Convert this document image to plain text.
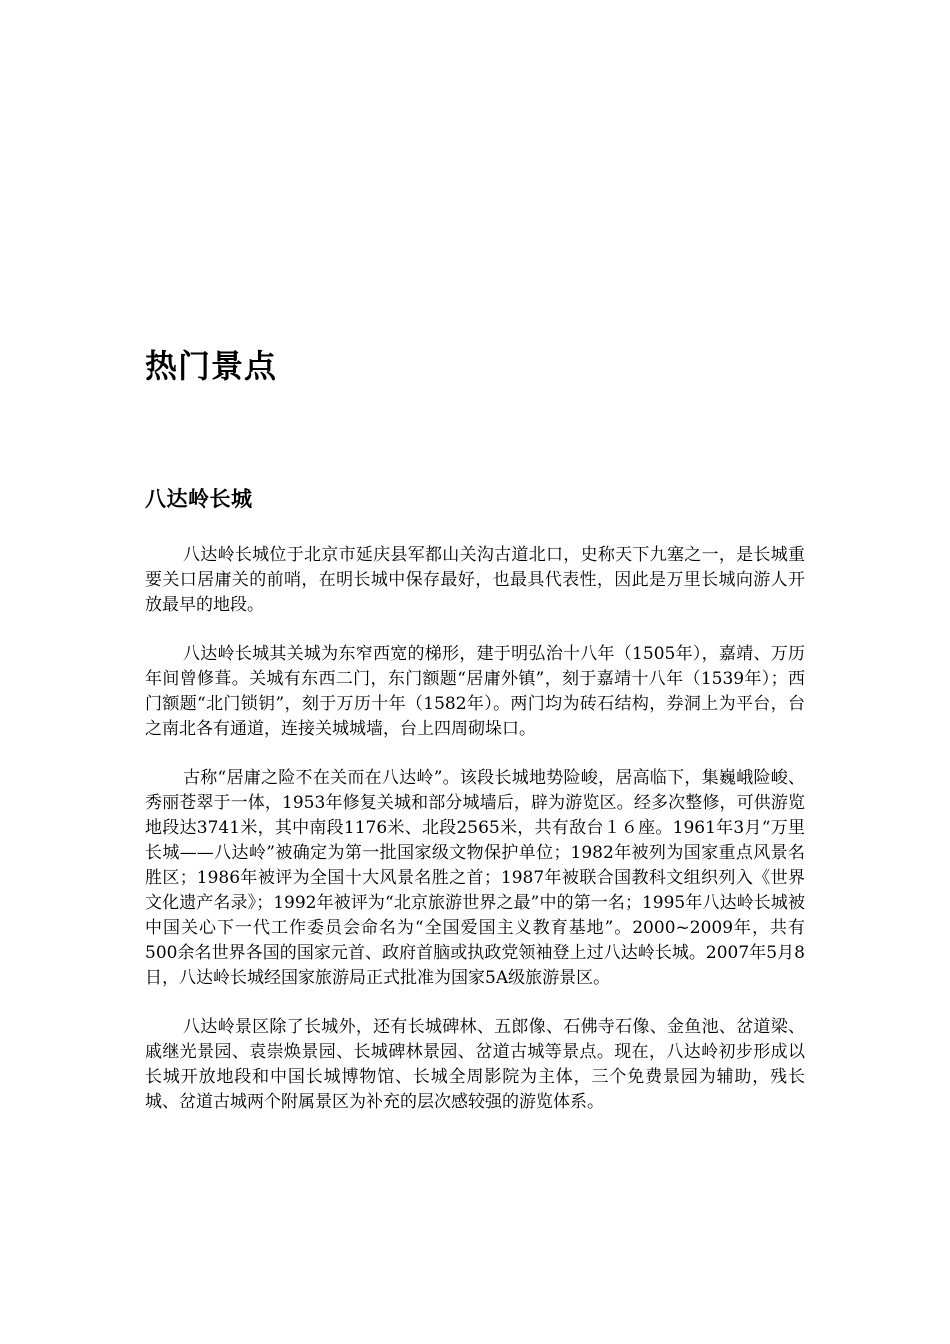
热门景点
八达岭长城

八达岭长城位于北京市延庆县军都山关沟古道北口，史称天下九塞之一，是长城重要关口居庸关的前哨，在明长城中保存最好，也最具代表性，因此是万里长城向游人开放最早的地段。

八达岭长城其关城为东窄西宽的梯形，建于明弘治十八年（1505年），嘉靖、万历年间曾修葺。关城有东西二门，东门额题“居庸外镇”，刻于嘉靖十八年（1539年）；西门额题“北门锁钥”，刻于万历十年（1582年）。两门均为砖石结构，券洞上为平台，台之南北各有通道，连接关城城墙，台上四周砌垛口。

古称“居庸之险不在关而在八达岭”。该段长城地势险峻，居高临下，集巍峨险峻、秀丽苍翠于一体，1953年修复关城和部分城墙后，辟为游览区。经多次整修，可供游览地段达3741米，其中南段1176米、北段2565米，共有敌台１６座。1961年3月“万里长城——八达岭”被确定为第一批国家级文物保护单位；1982年被列为国家重点风景名胜区；1986年被评为全国十大风景名胜之首；1987年被联合国教科文组织列入《世界文化遗产名录》；1992年被评为“北京旅游世界之最”中的第一名；1995年八达岭长城被中国关心下一代工作委员会命名为“全国爱国主义教育基地”。2000~2009年，共有500余名世界各国的国家元首、政府首脑或执政党领袖登上过八达岭长城。2007年5月8日，八达岭长城经国家旅游局正式批准为国家5A级旅游景区。

八达岭景区除了长城外，还有长城碑林、五郎像、石佛寺石像、金鱼池、岔道梁、戚继光景园、袁崇焕景园、长城碑林景园、岔道古城等景点。现在，八达岭初步形成以长城开放地段和中国长城博物馆、长城全周影院为主体，三个免费景园为辅助，残长城、岔道古城两个附属景区为补充的层次感较强的游览体系。
